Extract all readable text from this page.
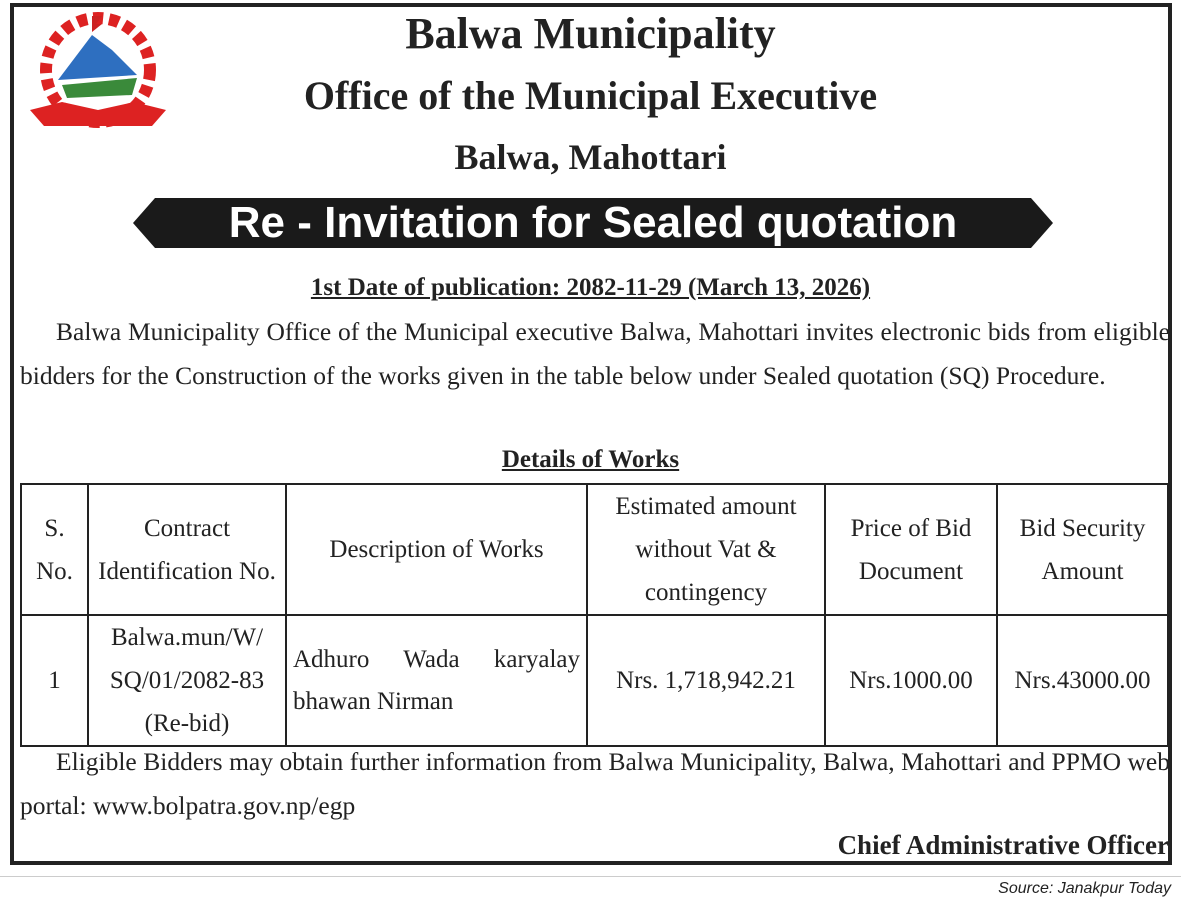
Balwa Municipality
Office of the Municipal Executive
Balwa, Mahottari
Re - Invitation for Sealed quotation
1st Date of publication: 2082-11-29 (March 13, 2026)
Balwa Municipality Office of the Municipal executive Balwa, Mahottari invites electronic bids from eligible bidders for the Construction of the works given in the table below under Sealed quotation (SQ) Procedure.
Details of Works
S. No.	Contract Identification No.	Description of Works	Estimated amount without Vat & contingency	Price of Bid Document	Bid Security Amount
1	Balwa.mun/W/ SQ/01/2082-83 (Re-bid)	Adhuro Wada karyalay bhawan Nirman	Nrs. 1,718,942.21	Nrs.1000.00	Nrs.43000.00
Eligible Bidders may obtain further information from Balwa Municipality, Balwa, Mahottari and PPMO web portal: www.bolpatra.gov.np/egp
Chief Administrative Officer
Source: Janakpur Today
